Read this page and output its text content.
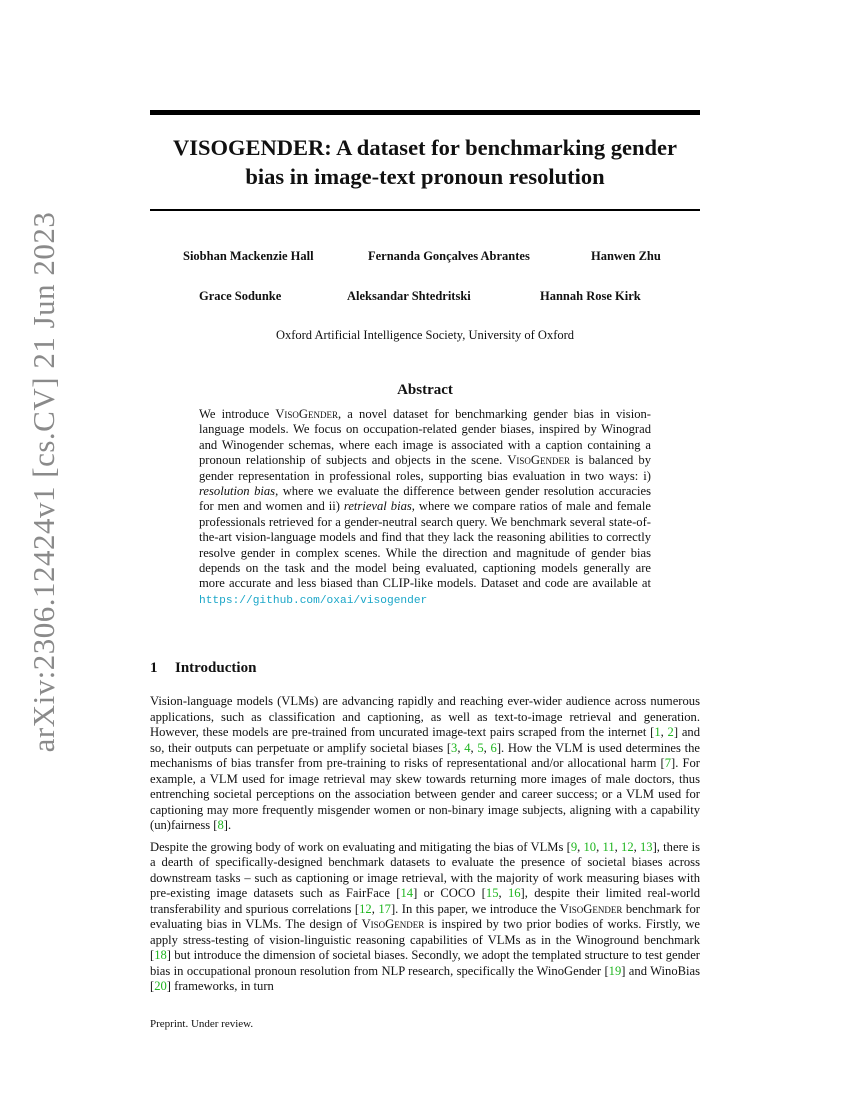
arXiv:2306.12424v1 [cs.CV] 21 Jun 2023
VISOGENDER: A dataset for benchmarking gender
bias in image-text pronoun resolution
Siobhan Mackenzie Hall	Fernanda Gonçalves Abrantes	Hanwen Zhu
Grace Sodunke	Aleksandar Shtedritski	Hannah Rose Kirk
Oxford Artificial Intelligence Society, University of Oxford
Abstract

We introduce VisoGender, a novel dataset for benchmarking gender bias in vision-language models. We focus on occupation-related gender biases, inspired by Winograd and Winogender schemas, where each image is associated with a caption containing a pronoun relationship of subjects and objects in the scene. VisoGender is balanced by gender representation in professional roles, supporting bias evaluation in two ways: i) resolution bias, where we evaluate the difference between gender resolution accuracies for men and women and ii) retrieval bias, where we compare ratios of male and female professionals retrieved for a gender-neutral search query. We benchmark several state-of-the-art vision-language models and find that they lack the reasoning abilities to correctly resolve gender in complex scenes. While the direction and magnitude of gender bias depends on the task and the model being evaluated, captioning models generally are more accurate and less biased than CLIP-like models. Dataset and code are available at https://github.com/oxai/visogender

1 Introduction

Vision-language models (VLMs) are advancing rapidly and reaching ever-wider audience across numerous applications, such as classification and captioning, as well as text-to-image retrieval and generation. However, these models are pre-trained from uncurated image-text pairs scraped from the internet [1, 2] and so, their outputs can perpetuate or amplify societal biases [3, 4, 5, 6]. How the VLM is used determines the mechanisms of bias transfer from pre-training to risks of representational and/or allocational harm [7]. For example, a VLM used for image retrieval may skew towards returning more images of male doctors, thus entrenching societal perceptions on the association between gender and career success; or a VLM used for captioning may more frequently misgender women or non-binary image subjects, aligning with a capability (un)fairness [8].

Despite the growing body of work on evaluating and mitigating the bias of VLMs [9, 10, 11, 12, 13], there is a dearth of specifically-designed benchmark datasets to evaluate the presence of societal biases across downstream tasks – such as captioning or image retrieval, with the majority of work measuring biases with pre-existing image datasets such as FairFace [14] or COCO [15, 16], despite their limited real-world transferability and spurious correlations [12, 17]. In this paper, we introduce the VisoGender benchmark for evaluating bias in VLMs. The design of VisoGender is inspired by two prior bodies of works. Firstly, we apply stress-testing of vision-linguistic reasoning capabilities of VLMs as in the Winoground benchmark [18] but introduce the dimension of societal biases. Secondly, we adopt the templated structure to test gender bias in occupational pronoun resolution from NLP research, specifically the WinoGender [19] and WinoBias [20] frameworks, in turn

Preprint. Under review.
